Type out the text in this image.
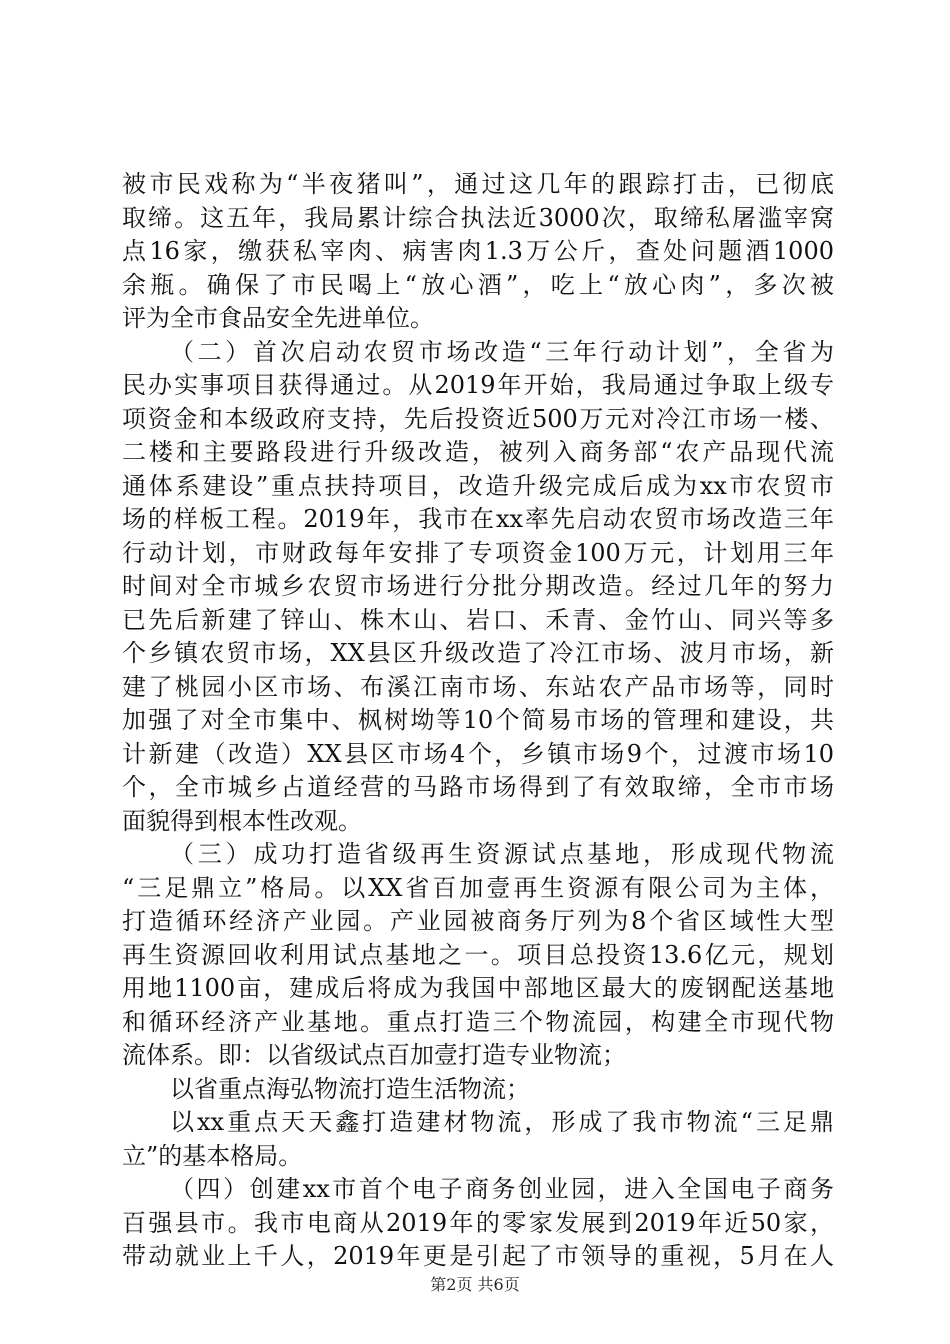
被市民戏称为“半夜猪叫”，通过这几年的跟踪打击，已彻底
取缔。这五年，我局累计综合执法近3000次，取缔私屠滥宰窝
点16家，缴获私宰肉、病害肉1.3万公斤，查处问题酒1000
余瓶。确保了市民喝上“放心酒”，吃上“放心肉”，多次被
评为全市食品安全先进单位。
（二）首次启动农贸市场改造“三年行动计划”，全省为
民办实事项目获得通过。从2019年开始，我局通过争取上级专
项资金和本级政府支持，先后投资近500万元对冷江市场一楼、
二楼和主要路段进行升级改造，被列入商务部“农产品现代流
通体系建设”重点扶持项目，改造升级完成后成为xx市农贸市
场的样板工程。2019年，我市在xx率先启动农贸市场改造三年
行动计划，市财政每年安排了专项资金100万元，计划用三年
时间对全市城乡农贸市场进行分批分期改造。经过几年的努力
已先后新建了锌山、株木山、岩口、禾青、金竹山、同兴等多
个乡镇农贸市场，XX县区升级改造了冷江市场、波月市场，新
建了桃园小区市场、布溪江南市场、东站农产品市场等，同时
加强了对全市集中、枫树坳等10个简易市场的管理和建设，共
计新建（改造）XX县区市场4个，乡镇市场9个，过渡市场10
个，全市城乡占道经营的马路市场得到了有效取缔，全市市场
面貌得到根本性改观。
（三）成功打造省级再生资源试点基地，形成现代物流
“三足鼎立”格局。以XX省百加壹再生资源有限公司为主体，
打造循环经济产业园。产业园被商务厅列为8个省区域性大型
再生资源回收利用试点基地之一。项目总投资13.6亿元，规划
用地1100亩，建成后将成为我国中部地区最大的废钢配送基地
和循环经济产业基地。重点打造三个物流园，构建全市现代物
流体系。即：以省级试点百加壹打造专业物流；
以省重点海弘物流打造生活物流；
以xx重点天天鑫打造建材物流，形成了我市物流“三足鼎
立”的基本格局。
（四）创建xx市首个电子商务创业园，进入全国电子商务
百强县市。我市电商从2019年的零家发展到2019年近50家，
带动就业上千人，2019年更是引起了市领导的重视，5月在人
第2页 共6页
